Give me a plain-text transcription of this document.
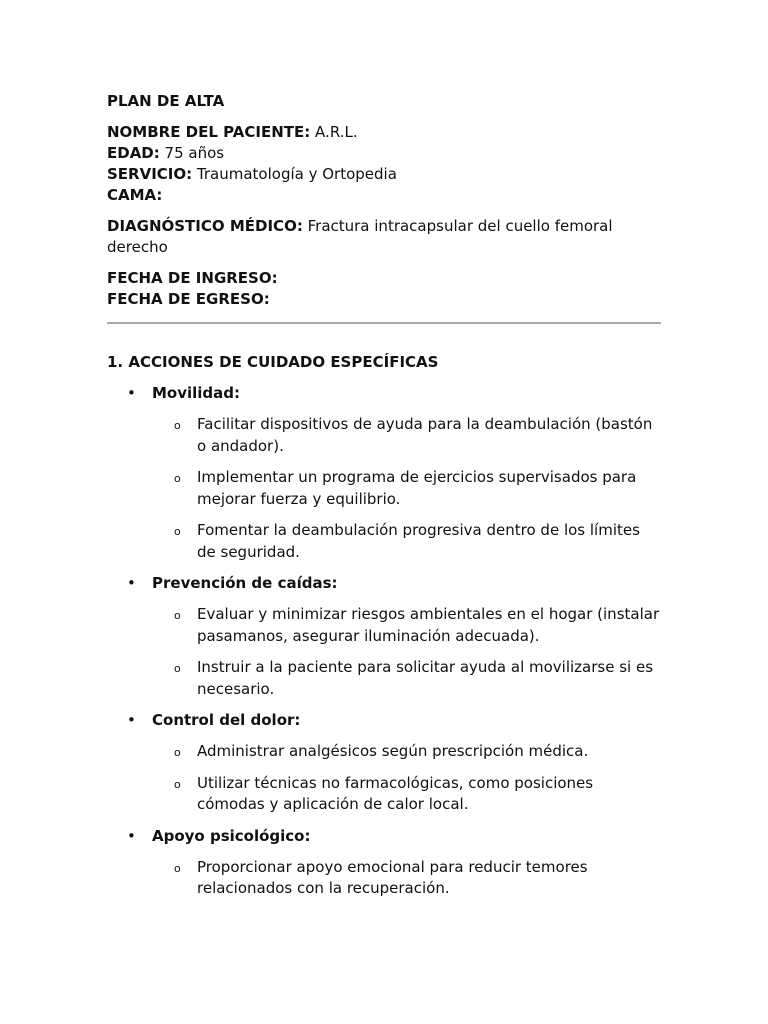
PLAN DE ALTA

NOMBRE DEL PACIENTE: A.R.L.

EDAD: 75 años

SERVICIO: Traumatología y Ortopedia

CAMA:

DIAGNÓSTICO MÉDICO: Fractura intracapsular del cuello femoral derecho

FECHA DE INGRESO:

FECHA DE EGRESO:

1. ACCIONES DE CUIDADO ESPECÍFICAS

• Movilidad:
o Facilitar dispositivos de ayuda para la deambulación (bastón o andador).
o Implementar un programa de ejercicios supervisados para mejorar fuerza y equilibrio.
o Fomentar la deambulación progresiva dentro de los límites de seguridad.
• Prevención de caídas:
o Evaluar y minimizar riesgos ambientales en el hogar (instalar pasamanos, asegurar iluminación adecuada).
o Instruir a la paciente para solicitar ayuda al movilizarse si es necesario.
• Control del dolor:
o Administrar analgésicos según prescripción médica.
o Utilizar técnicas no farmacológicas, como posiciones cómodas y aplicación de calor local.
• Apoyo psicológico:
o Proporcionar apoyo emocional para reducir temores relacionados con la recuperación.
